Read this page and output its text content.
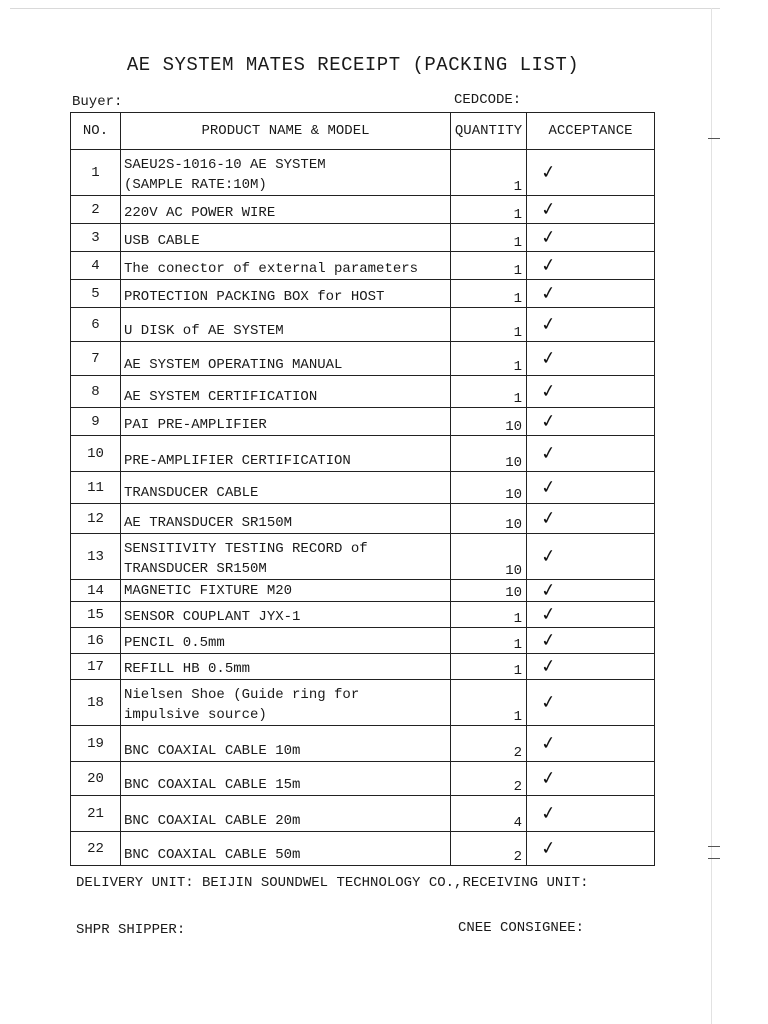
AE SYSTEM MATES RECEIPT (PACKING LIST)
Buyer:	CEDCODE:
NO.	PRODUCT NAME & MODEL	QUANTITY	ACCEPTANCE
1	SAEU2S-1016-10 AE SYSTEM
(SAMPLE RATE:10M)	1	✓
2	220V AC POWER WIRE	1	✓
3	USB CABLE	1	✓
4	The conector of external parameters	1	✓
5	PROTECTION PACKING BOX for HOST	1	✓
6	U DISK of AE SYSTEM	1	✓
7	AE SYSTEM OPERATING MANUAL	1	✓
8	AE SYSTEM CERTIFICATION	1	✓
9	PAI PRE-AMPLIFIER	10	✓
10	PRE-AMPLIFIER CERTIFICATION	10	✓
11	TRANSDUCER CABLE	10	✓
12	AE TRANSDUCER SR150M	10	✓
13	SENSITIVITY TESTING RECORD of
TRANSDUCER SR150M	10	✓
14	MAGNETIC FIXTURE M20	10	✓
15	SENSOR COUPLANT JYX-1	1	✓
16	PENCIL 0.5mm	1	✓
17	REFILL HB 0.5mm	1	✓
18	Nielsen Shoe (Guide ring for
impulsive source)	1	✓
19	BNC COAXIAL CABLE 10m	2	✓
20	BNC COAXIAL CABLE 15m	2	✓
21	BNC COAXIAL CABLE 20m	4	✓
22	BNC COAXIAL CABLE 50m	2	✓
DELIVERY UNIT: BEIJIN SOUNDWEL TECHNOLOGY CO.,RECEIVING UNIT:
SHPR SHIPPER:	CNEE CONSIGNEE:
